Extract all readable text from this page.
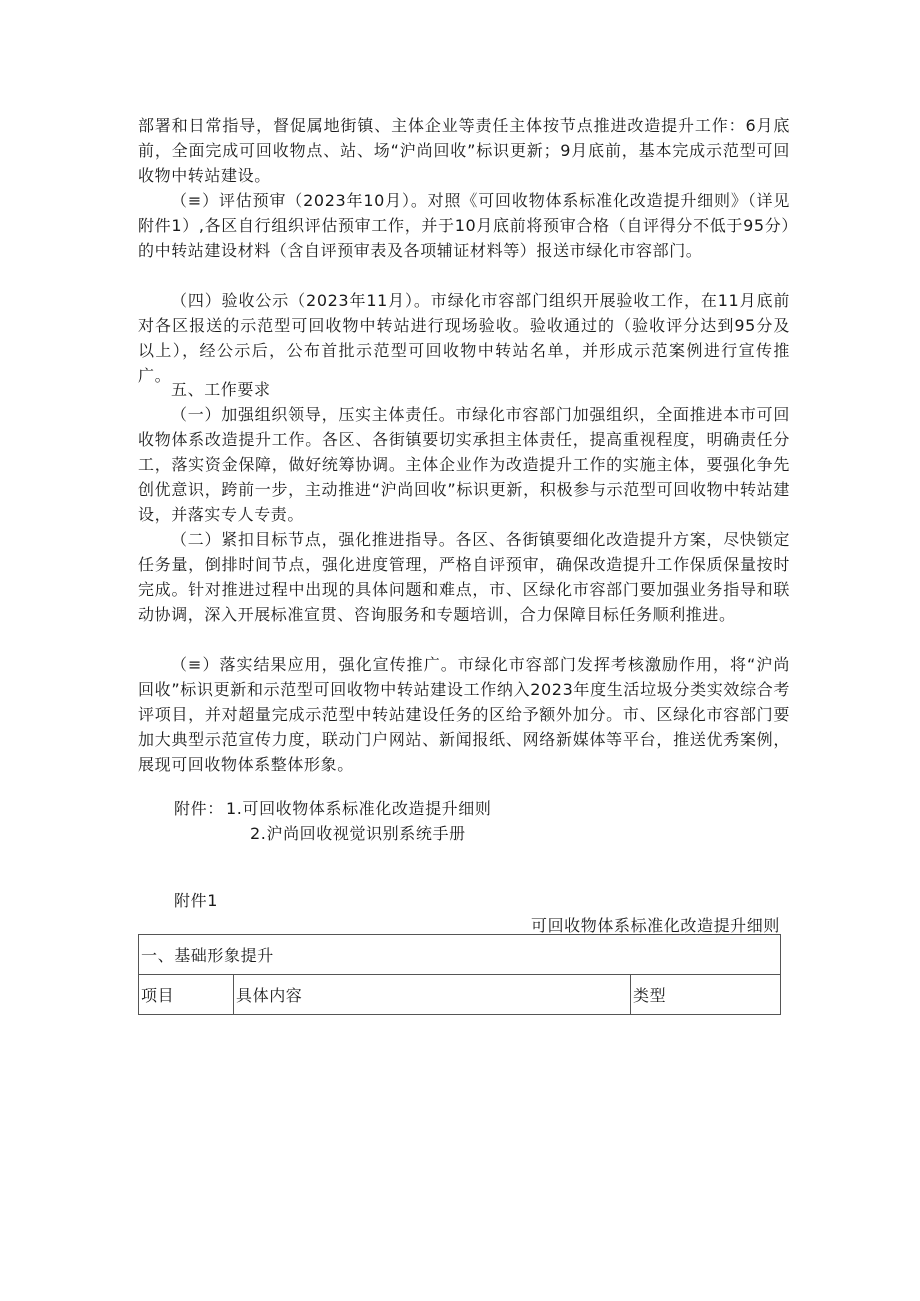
部署和日常指导，督促属地街镇、主体企业等责任主体按节点推进改造提升工作：6月底前，全面完成可回收物点、站、场“沪尚回收”标识更新；9月底前，基本完成示范型可回收物中转站建设。

（≡）评估预审（2023年10月）。对照《可回收物体系标准化改造提升细则》（详见附件1）,各区自行组织评估预审工作，并于10月底前将预审合格（自评得分不低于95分）的中转站建设材料（含自评预审表及各项辅证材料等）报送市绿化市容部门。

（四）验收公示（2023年11月）。市绿化市容部门组织开展验收工作，在11月底前对各区报送的示范型可回收物中转站进行现场验收。验收通过的（验收评分达到95分及以上），经公示后，公布首批示范型可回收物中转站名单，并形成示范案例进行宣传推广。

五、工作要求

（一）加强组织领导，压实主体责任。市绿化市容部门加强组织，全面推进本市可回收物体系改造提升工作。各区、各街镇要切实承担主体责任，提高重视程度，明确责任分工，落实资金保障，做好统筹协调。主体企业作为改造提升工作的实施主体，要强化争先创优意识，跨前一步，主动推进“沪尚回收”标识更新，积极参与示范型可回收物中转站建设，并落实专人专责。

（二）紧扣目标节点，强化推进指导。各区、各街镇要细化改造提升方案，尽快锁定任务量，倒排时间节点，强化进度管理，严格自评预审，确保改造提升工作保质保量按时完成。针对推进过程中出现的具体问题和难点，市、区绿化市容部门要加强业务指导和联动协调，深入开展标准宣贯、咨询服务和专题培训，合力保障目标任务顺利推进。

（≡）落实结果应用，强化宣传推广。市绿化市容部门发挥考核激励作用，将“沪尚回收”标识更新和示范型可回收物中转站建设工作纳入2023年度生活垃圾分类实效综合考评项目，并对超量完成示范型中转站建设任务的区给予额外加分。市、区绿化市容部门要加大典型示范宣传力度，联动门户网站、新闻报纸、网络新媒体等平台，推送优秀案例，展现可回收物体系整体形象。

附件： 1.可回收物体系标准化改造提升细则
2.沪尚回收视觉识别系统手册

附件1

可回收物体系标准化改造提升细则

一、基础形象提升
项目	具体内容	类型
